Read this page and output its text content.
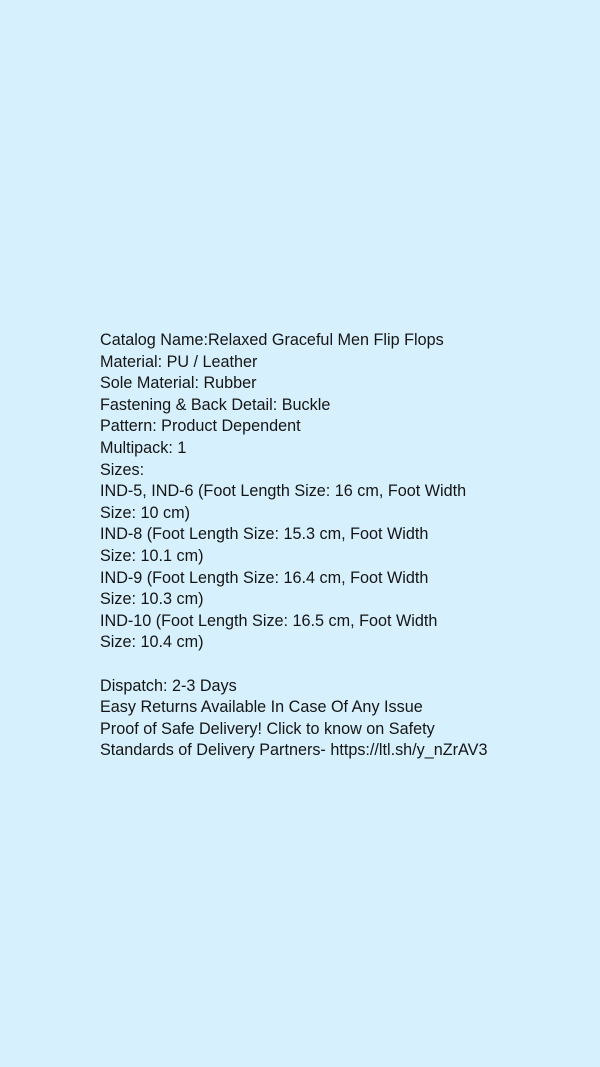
Catalog Name:Relaxed Graceful Men Flip Flops
Material: PU / Leather
Sole Material: Rubber
Fastening & Back Detail: Buckle
Pattern: Product Dependent
Multipack: 1
Sizes:
IND-5, IND-6 (Foot Length Size: 16 cm, Foot Width
Size: 10 cm)
IND-8 (Foot Length Size: 15.3 cm, Foot Width
Size: 10.1 cm)
IND-9 (Foot Length Size: 16.4 cm, Foot Width
Size: 10.3 cm)
IND-10 (Foot Length Size: 16.5 cm, Foot Width
Size: 10.4 cm)
Dispatch: 2-3 Days
Easy Returns Available In Case Of Any Issue
Proof of Safe Delivery! Click to know on Safety
Standards of Delivery Partners- https://ltl.sh/y_nZrAV3
